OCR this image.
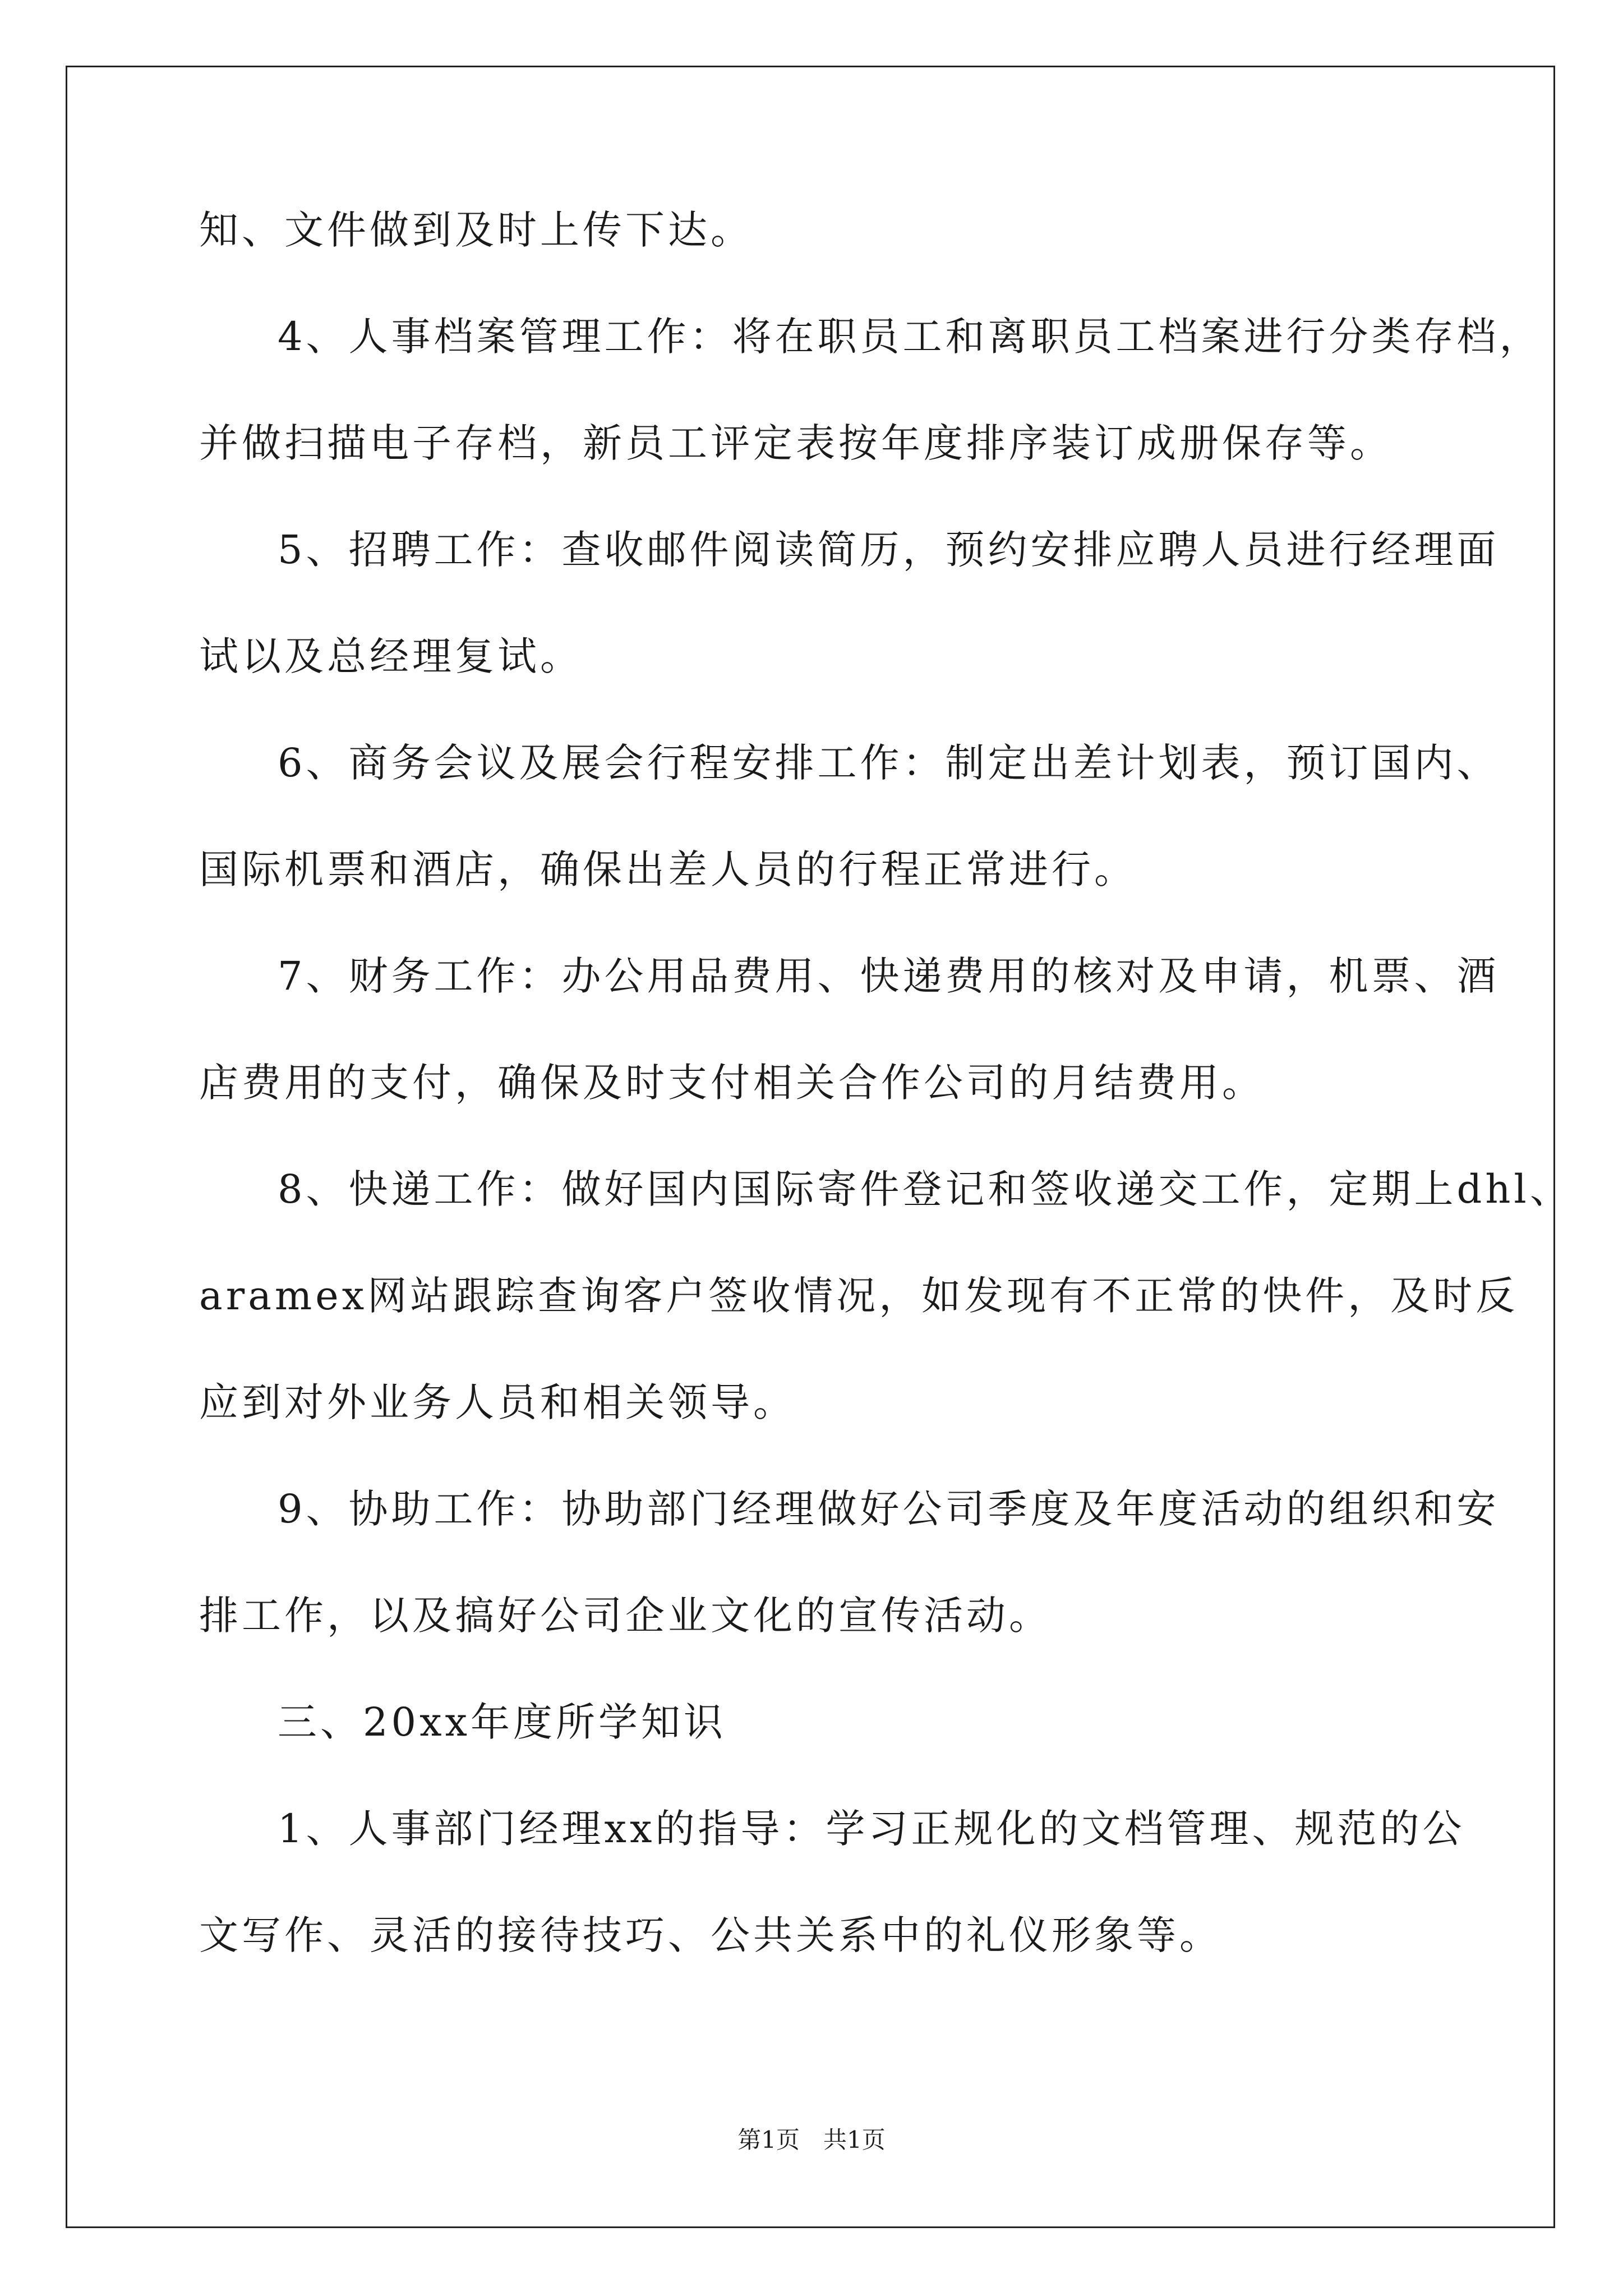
知、文件做到及时上传下达。
4、人事档案管理工作：将在职员工和离职员工档案进行分类存档，
并做扫描电子存档，新员工评定表按年度排序装订成册保存等。
5、招聘工作：查收邮件阅读简历，预约安排应聘人员进行经理面
试以及总经理复试。
6、商务会议及展会行程安排工作：制定出差计划表，预订国内、
国际机票和酒店，确保出差人员的行程正常进行。
7、财务工作：办公用品费用、快递费用的核对及申请，机票、酒
店费用的支付，确保及时支付相关合作公司的月结费用。
8、快递工作：做好国内国际寄件登记和签收递交工作，定期上dhl、
aramex网站跟踪查询客户签收情况，如发现有不正常的快件，及时反
应到对外业务人员和相关领导。
9、协助工作：协助部门经理做好公司季度及年度活动的组织和安
排工作，以及搞好公司企业文化的宣传活动。
三、20xx年度所学知识
1、人事部门经理xx的指导：学习正规化的文档管理、规范的公
文写作、灵活的接待技巧、公共关系中的礼仪形象等。
第1页　共1页
